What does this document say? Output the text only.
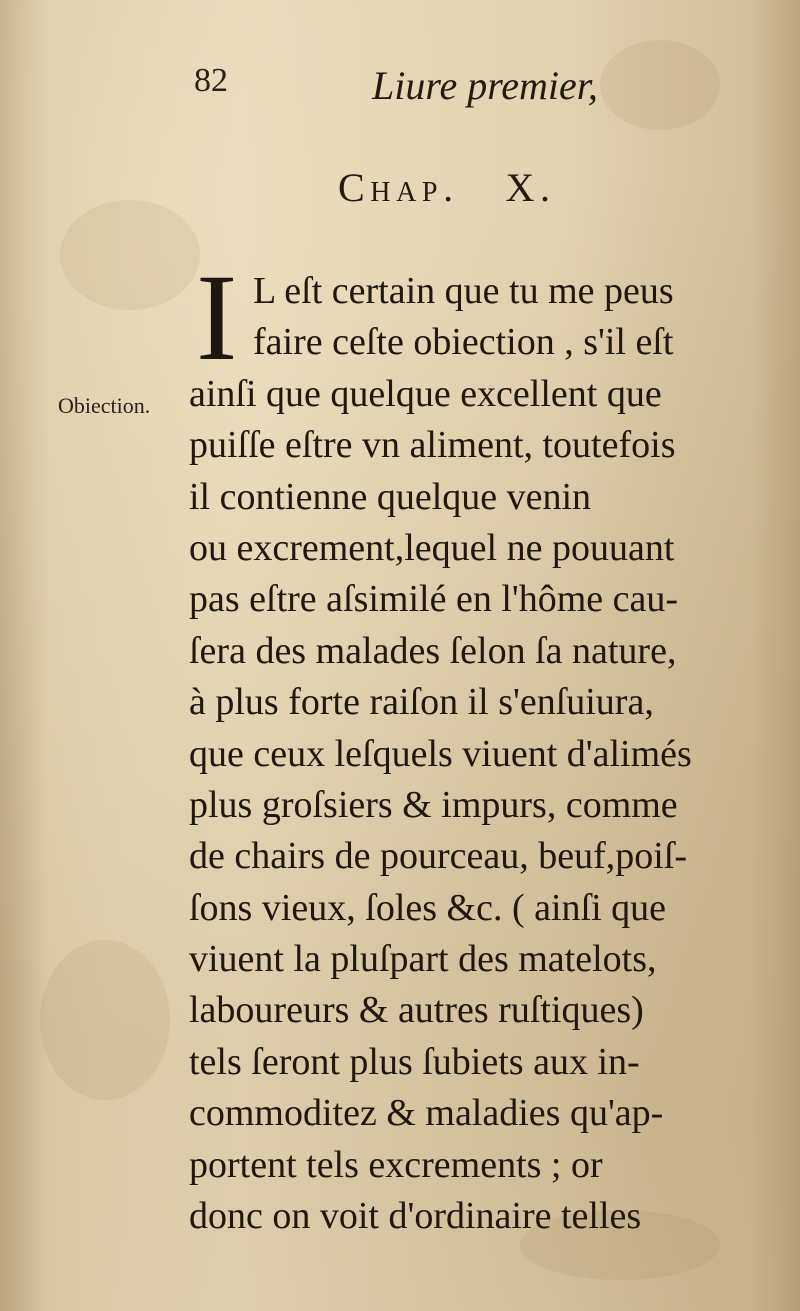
82	Liure premier,
Chap.   X.
Obiection.
I L eſt certain que tu me peus
faire ceſte obiection , s'il eſt
ainſi que quelque excellent que
puiſſe eſtre vn aliment, toutefois
il contienne quelque venin
ou excrement,lequel ne pouuant
pas eſtre aſsimilé en l'hôme cau-
ſera des malades ſelon ſa nature,
à plus forte raiſon il s'enſuiura,
que ceux leſquels viuent d'alimés
plus groſsiers & impurs, comme
de chairs de pourceau, beuf,poiſ-
ſons vieux, ſoles &c. ( ainſi que
viuent la pluſpart des matelots,
laboureurs & autres ruſtiques)
tels ſeront plus ſubiets aux in-
commoditez & maladies qu'ap-
portent tels excrements ; or
donc on voit d'ordinaire telles
